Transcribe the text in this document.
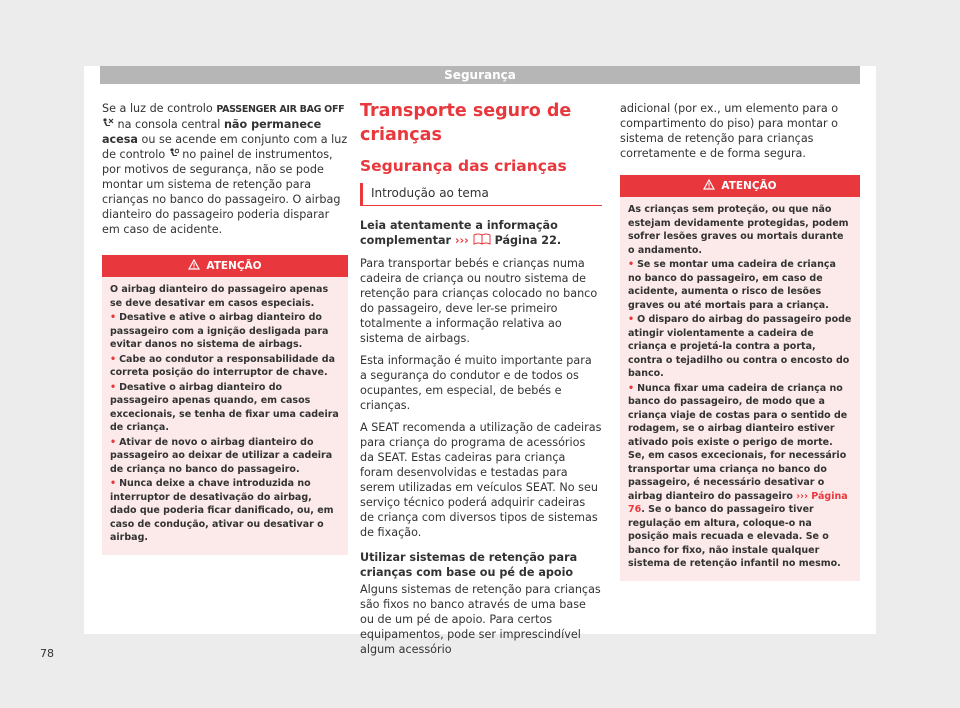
Segurança

Se a luz de controlo PASSENGER AIR BAG OFF  na consola central não permanece acesa ou se acende em conjunto com a luz de controlo  no painel de instrumentos, por motivos de segurança, não se pode montar um sistema de retenção para crianças no banco do passageiro. O airbag dianteiro do passageiro poderia disparar em caso de acidente.

ATENÇÃO
O airbag dianteiro do passageiro apenas se deve desativar em casos especiais.
• Desative e ative o airbag dianteiro do passageiro com a ignição desligada para evitar danos no sistema de airbags.
• Cabe ao condutor a responsabilidade da correta posição do interruptor de chave.
• Desative o airbag dianteiro do passageiro apenas quando, em casos excecionais, se tenha de fixar uma cadeira de criança.
• Ativar de novo o airbag dianteiro do passageiro ao deixar de utilizar a cadeira de criança no banco do passageiro.
• Nunca deixe a chave introduzida no interruptor de desativação do airbag, dado que poderia ficar danificado, ou, em caso de condução, ativar ou desativar o airbag.
Transporte seguro de crianças
Segurança das crianças
Introdução ao tema

Leia atentamente a informação complementar ›››  Página 22.

Para transportar bebés e crianças numa cadeira de criança ou noutro sistema de retenção para crianças colocado no banco do passageiro, deve ler-se primeiro totalmente a informação relativa ao sistema de airbags.

Esta informação é muito importante para a segurança do condutor e de todos os ocupantes, em especial, de bebés e crianças.

A SEAT recomenda a utilização de cadeiras para criança do programa de acessórios da SEAT. Estas cadeiras para criança foram desenvolvidas e testadas para serem utilizadas em veículos SEAT. No seu serviço técnico poderá adquirir cadeiras de criança com diversos tipos de sistemas de fixação.

Utilizar sistemas de retenção para crianças com base ou pé de apoio

Alguns sistemas de retenção para crianças são fixos no banco através de uma base ou de um pé de apoio. Para certos equipamentos, pode ser imprescindível algum acessório

adicional (por ex., um elemento para o compartimento do piso) para montar o sistema de retenção para crianças corretamente e de forma segura.

ATENÇÃO
As crianças sem proteção, ou que não estejam devidamente protegidas, podem sofrer lesões graves ou mortais durante o andamento.
• Se se montar uma cadeira de criança no banco do passageiro, em caso de acidente, aumenta o risco de lesões graves ou até mortais para a criança.
• O disparo do airbag do passageiro pode atingir violentamente a cadeira de criança e projetá-la contra a porta, contra o tejadilho ou contra o encosto do banco.
• Nunca fixar uma cadeira de criança no banco do passageiro, de modo que a criança viaje de costas para o sentido de rodagem, se o airbag dianteiro estiver ativado pois existe o perigo de morte. Se, em casos excecionais, for necessário transportar uma criança no banco do passageiro, é necessário desativar o airbag dianteiro do passageiro ››› Página 76. Se o banco do passageiro tiver regulação em altura, coloque-o na posição mais recuada e elevada. Se o banco for fixo, não instale qualquer sistema de retenção infantil no mesmo.
78
